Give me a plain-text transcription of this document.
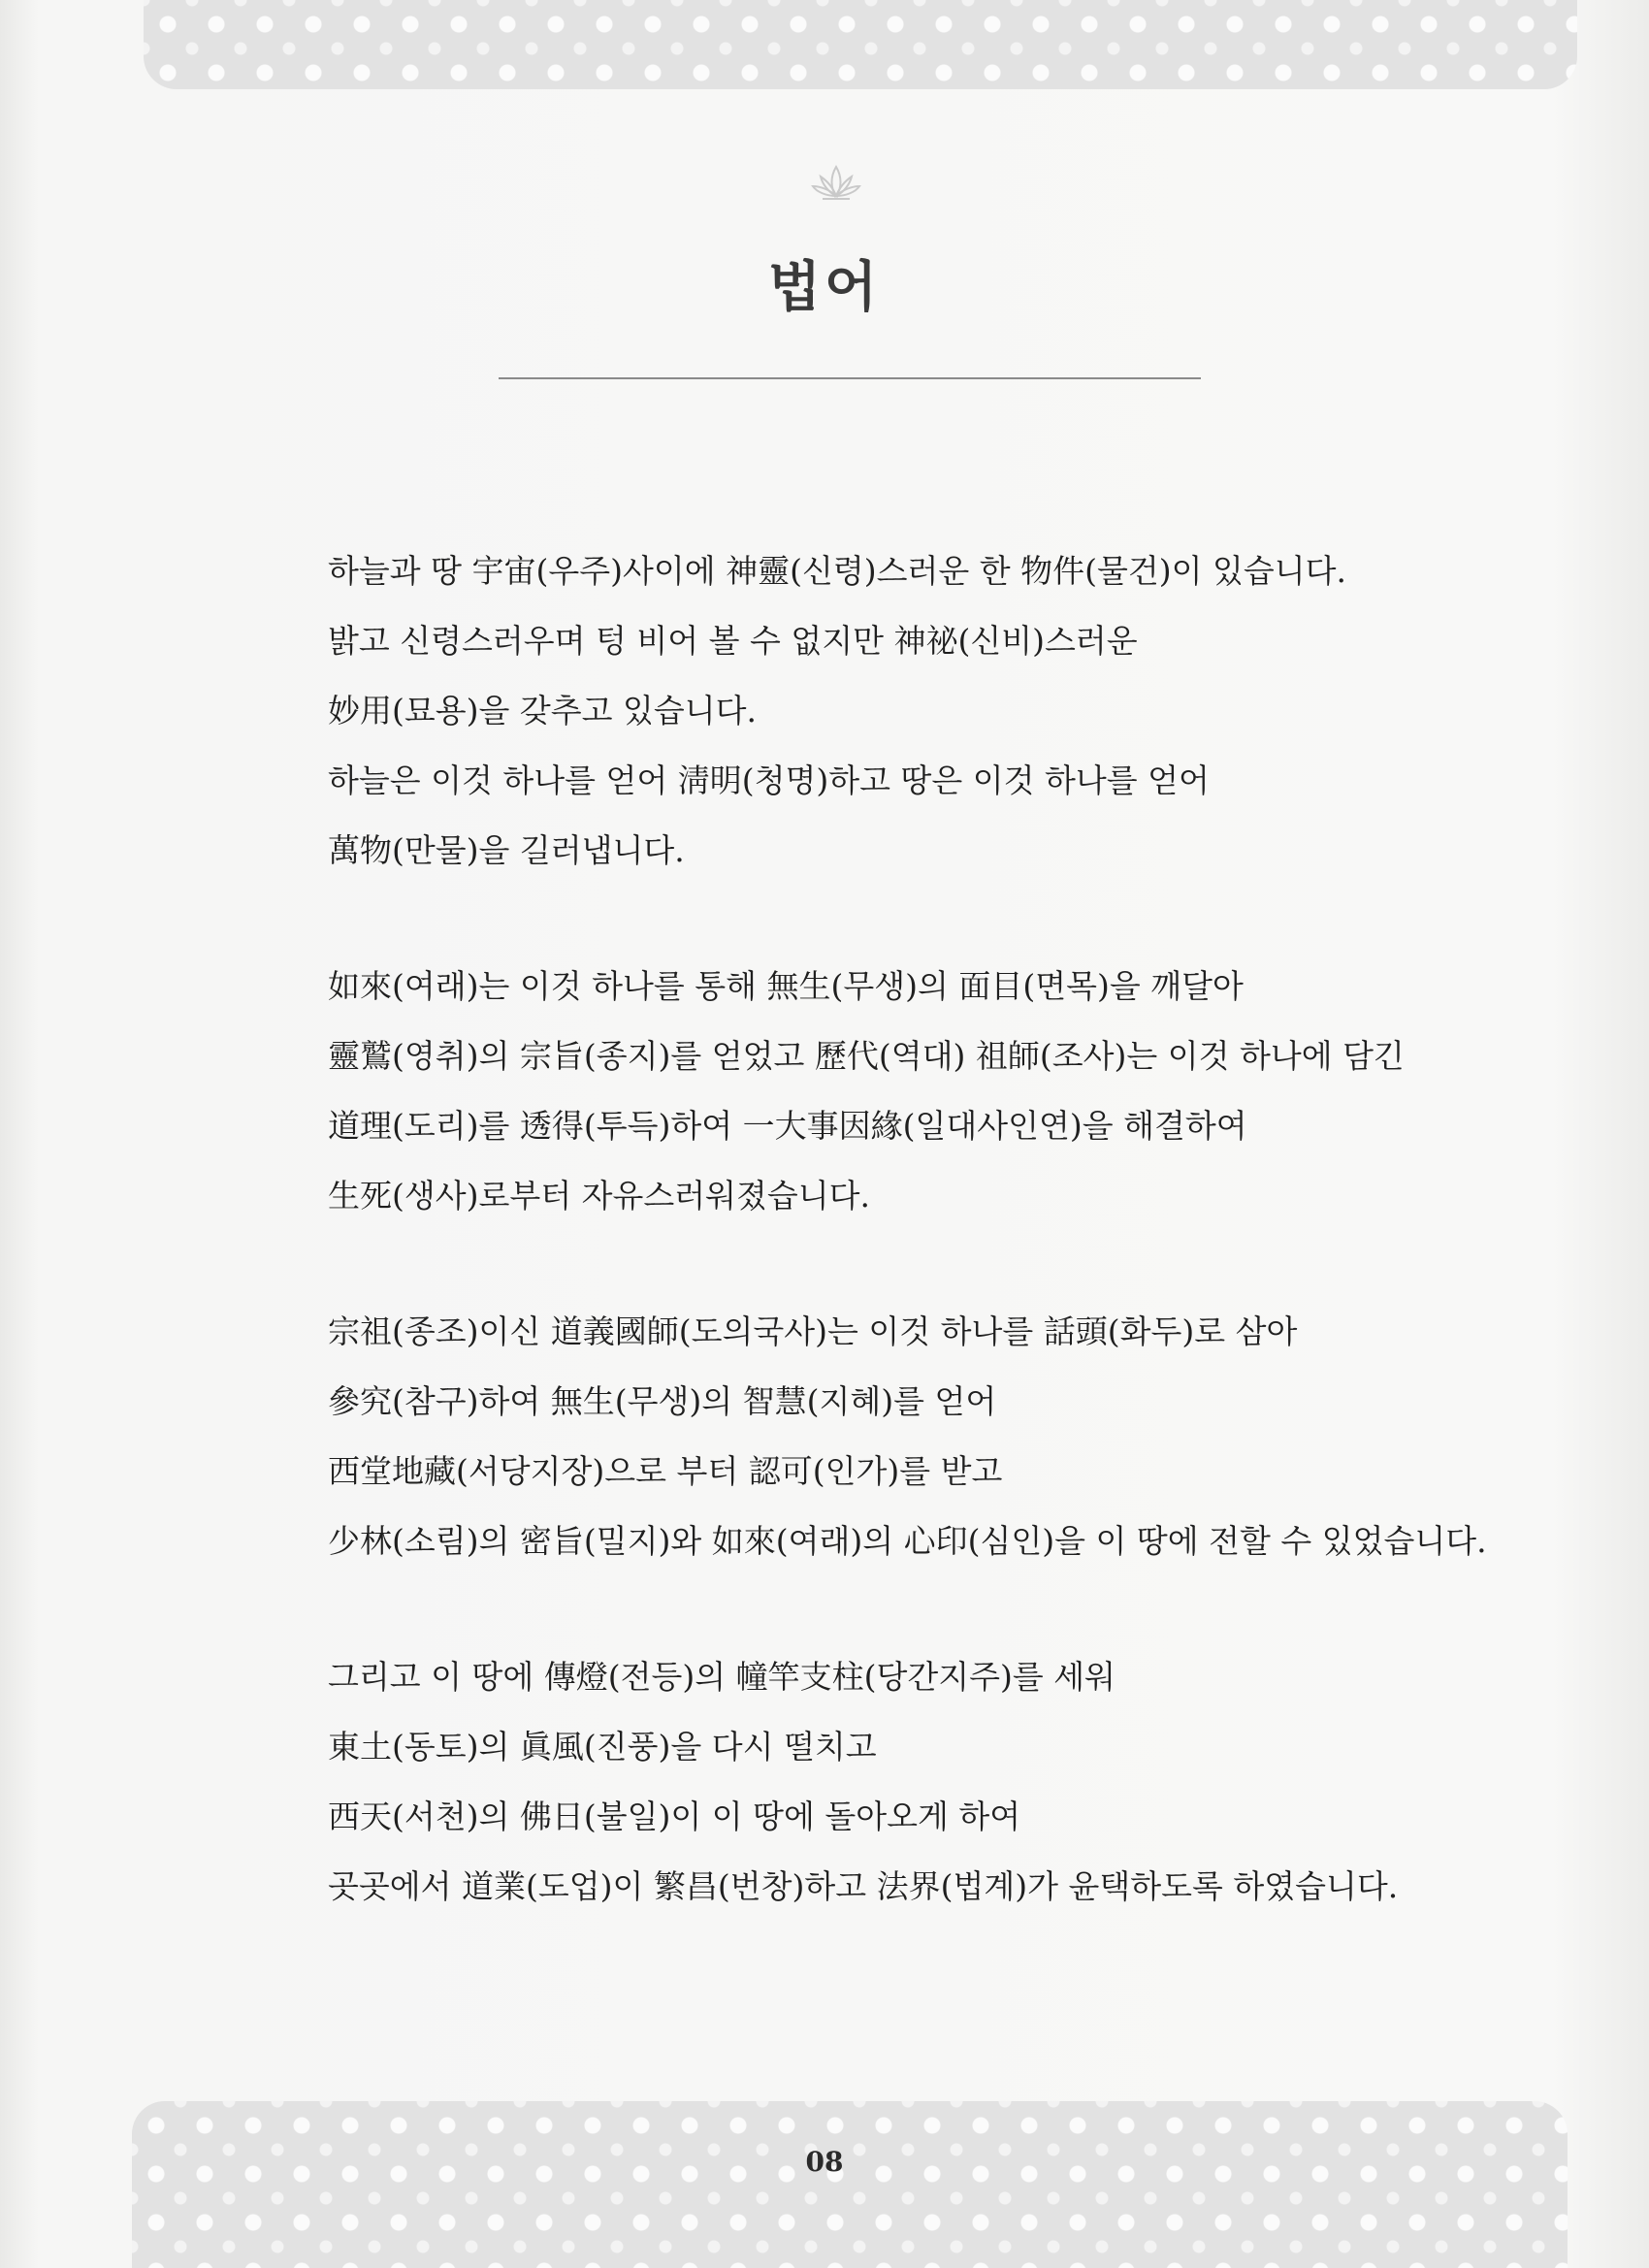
법어
하늘과 땅 宇宙(우주)사이에 神靈(신령)스러운 한 物件(물건)이 있습니다.
밝고 신령스러우며 텅 비어 볼 수 없지만 神祕(신비)스러운
妙用(묘용)을 갖추고 있습니다.
하늘은 이것 하나를 얻어 淸明(청명)하고 땅은 이것 하나를 얻어
萬物(만물)을 길러냅니다.
如來(여래)는 이것 하나를 통해 無生(무생)의 面目(면목)을 깨달아
靈鷲(영취)의 宗旨(종지)를 얻었고 歷代(역대) 祖師(조사)는 이것 하나에 담긴
道理(도리)를 透得(투득)하여 一大事因緣(일대사인연)을 해결하여
生死(생사)로부터 자유스러워졌습니다.
宗祖(종조)이신 道義國師(도의국사)는 이것 하나를 話頭(화두)로 삼아
參究(참구)하여 無生(무생)의 智慧(지혜)를 얻어
西堂地藏(서당지장)으로 부터 認可(인가)를 받고
少林(소림)의 密旨(밀지)와 如來(여래)의 心印(심인)을 이 땅에 전할 수 있었습니다.
그리고 이 땅에 傳燈(전등)의 幢竿支柱(당간지주)를 세워
東土(동토)의 眞風(진풍)을 다시 떨치고
西天(서천)의 佛日(불일)이 이 땅에 돌아오게 하여
곳곳에서 道業(도업)이 繁昌(번창)하고 法界(법계)가 윤택하도록 하였습니다.
08
